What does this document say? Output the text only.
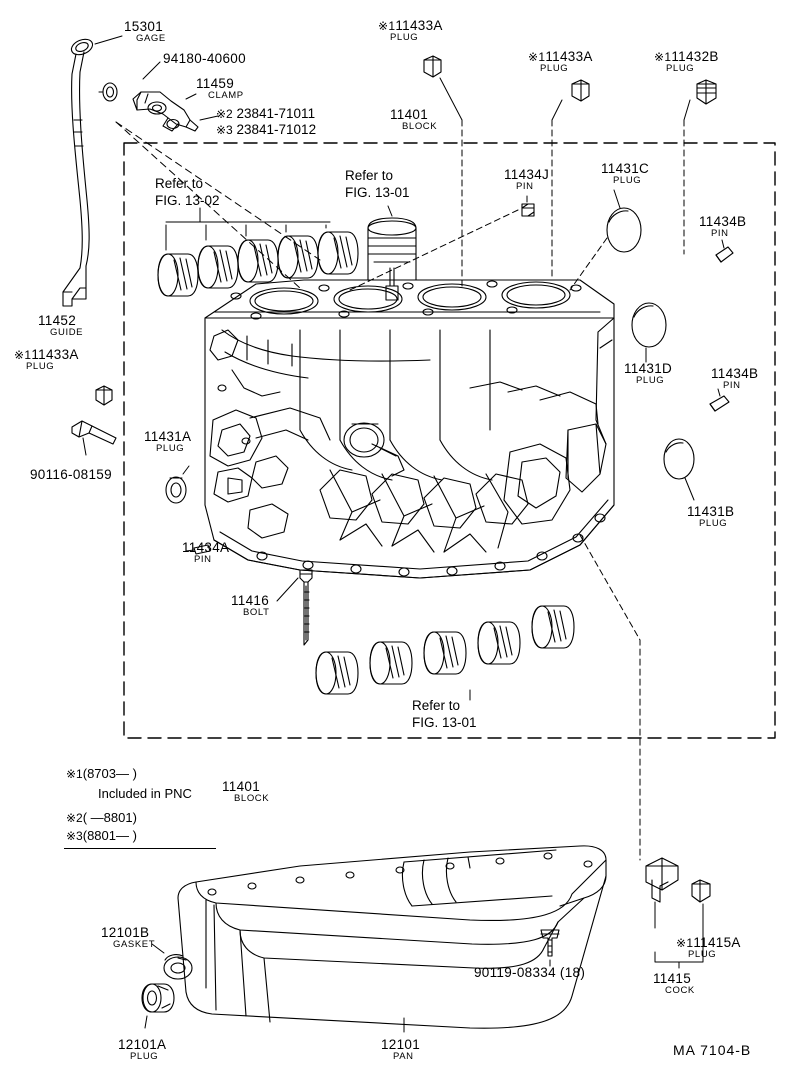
15301
GAGE
94180-40600
11459
CLAMP
※2 23841-71011
※3 23841-71012
11452
GUIDE
※111433A
PLUG
90116-08159
11431A
PLUG
11434A
PIN
11416
BOLT
※111433A
PLUG
11401
BLOCK
※111433A
PLUG
※111432B
PLUG
11434J
PIN
11431C
PLUG
11434B
PIN
11431D
PLUG	11434B
PIN
11431B
PLUG
Refer to
FIG. 13-02
Refer to
FIG. 13-01
Refer to
FIG. 13-01
※1(8703— )
Included in PNC 11401
BLOCK
※2( —8801)
※3(8801— )
12101B
GASKET
12101A
PLUG
12101
PAN
90119-08334 (18)
※111415A
PLUG
11415
COCK
MA 7104-B
